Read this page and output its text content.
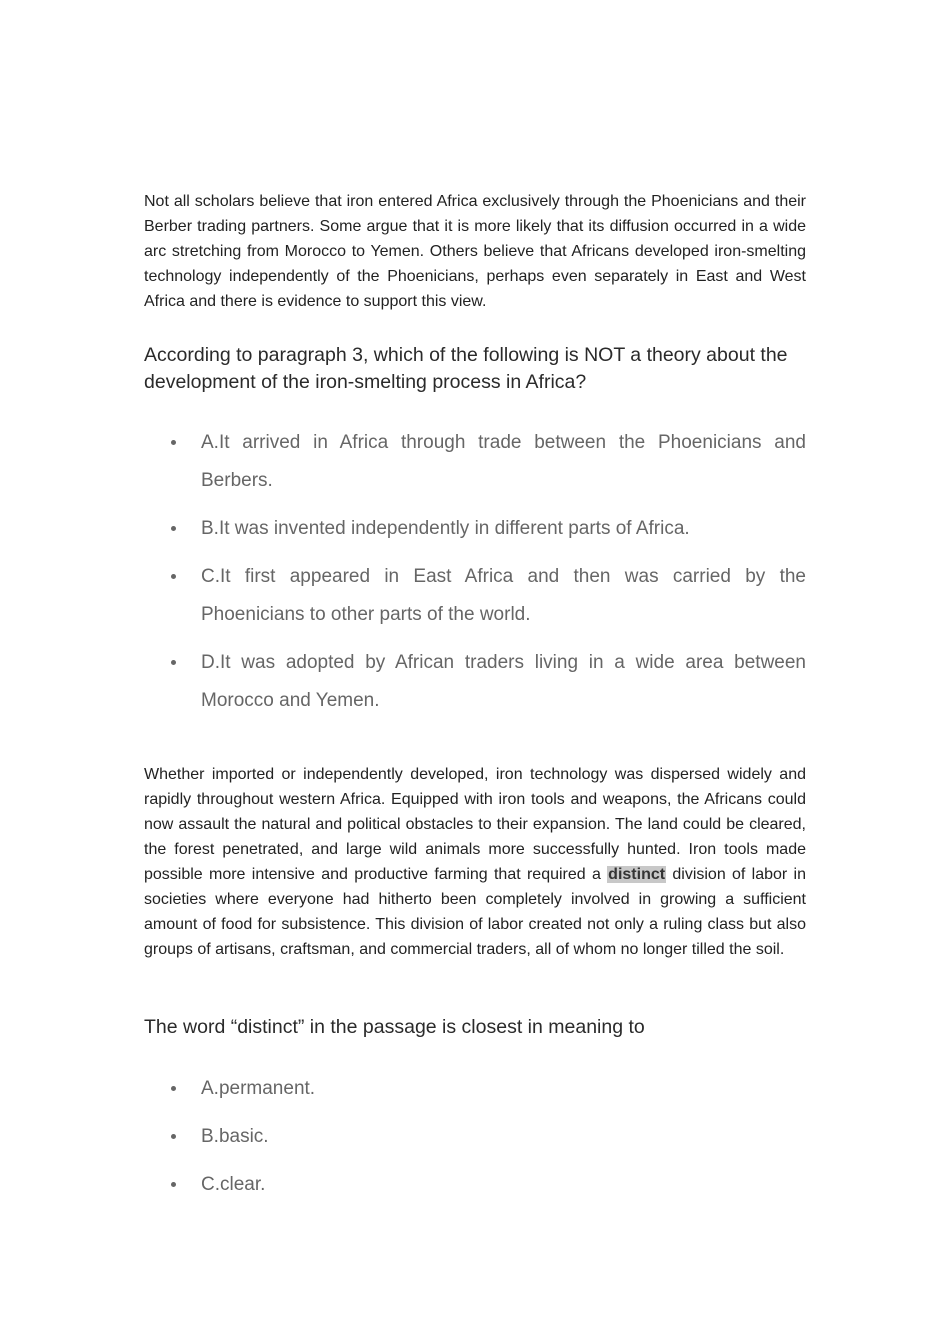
Not all scholars believe that iron entered Africa exclusively through the Phoenicians and their Berber trading partners. Some argue that it is more likely that its diffusion occurred in a wide arc stretching from Morocco to Yemen. Others believe that Africans developed iron-smelting technology independently of the Phoenicians, perhaps even separately in East and West Africa and there is evidence to support this view.

According to paragraph 3, which of the following is NOT a theory about the development of the iron-smelting process in Africa?

A.It arrived in Africa through trade between the Phoenicians and Berbers.
B.It was invented independently in different parts of Africa.
C.It first appeared in East Africa and then was carried by the Phoenicians to other parts of the world.
D.It was adopted by African traders living in a wide area between Morocco and Yemen.

Whether imported or independently developed, iron technology was dispersed widely and rapidly throughout western Africa. Equipped with iron tools and weapons, the Africans could now assault the natural and political obstacles to their expansion. The land could be cleared, the forest penetrated, and large wild animals more successfully hunted. Iron tools made possible more intensive and productive farming that required a distinct division of labor in societies where everyone had hitherto been completely involved in growing a sufficient amount of food for subsistence. This division of labor created not only a ruling class but also groups of artisans, craftsman, and commercial traders, all of whom no longer tilled the soil.

The word “distinct” in the passage is closest in meaning to

A.permanent.
B.basic.
C.clear.
